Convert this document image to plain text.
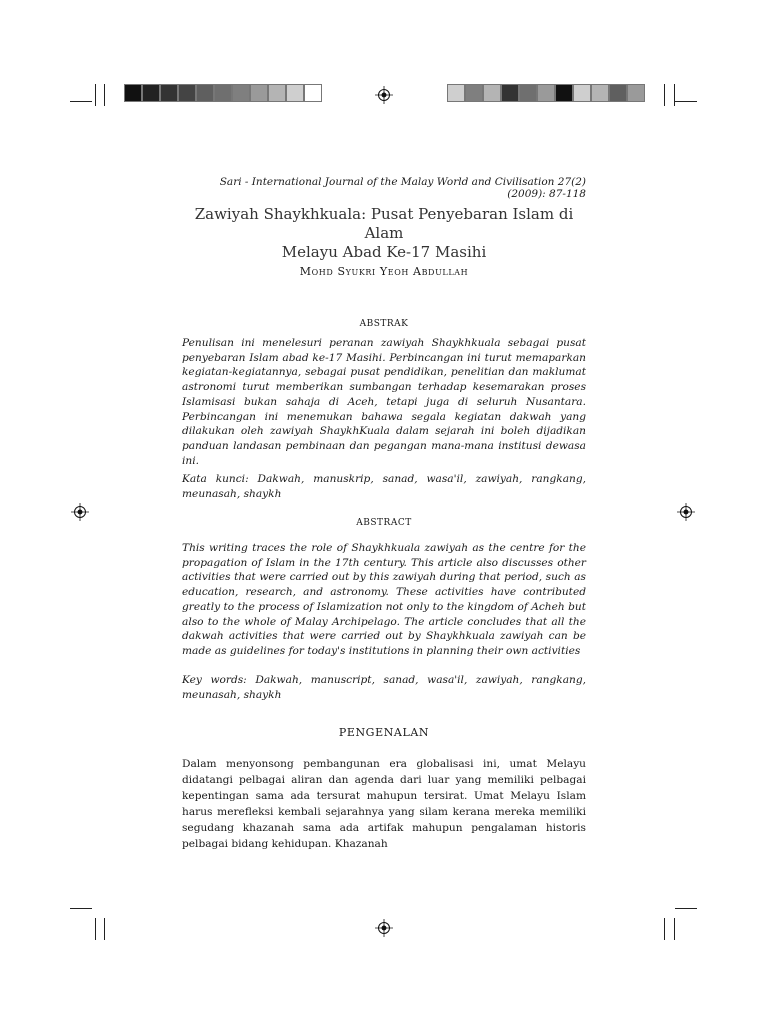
Sari - International Journal of the Malay World and Civilisation 27(2) (2009): 87-118
Zawiyah Shaykhkuala: Pusat Penyebaran Islam di Alam
Melayu Abad Ke-17 Masihi
Mohd Syukri Yeoh Abdullah
ABSTRAK
Penulisan ini menelesuri peranan zawiyah Shaykhkuala sebagai pusat penyebaran Islam abad ke-17 Masihi. Perbincangan ini turut memaparkan kegiatan-kegiatannya, sebagai pusat pendidikan, penelitian dan maklumat astronomi turut memberikan sumbangan terhadap kesemarakan proses Islamisasi bukan sahaja di Aceh, tetapi juga di seluruh Nusantara. Perbincangan ini menemukan bahawa segala kegiatan dakwah yang dilakukan oleh zawiyah ShaykhKuala dalam sejarah ini boleh dijadikan panduan landasan pembinaan dan pegangan mana-mana institusi dewasa ini.
Kata kunci: Dakwah, manuskrip, sanad, wasa'il, zawiyah, rangkang, meunasah, shaykh
ABSTRACT
This writing traces the role of Shaykhkuala zawiyah as the centre for the propagation of Islam in the 17th century. This article also discusses other activities that were carried out by this zawiyah during that period, such as education, research, and astronomy. These activities have contributed greatly to the process of Islamization not only to the kingdom of Acheh but also to the whole of Malay Archipelago. The article concludes that all the dakwah activities that were carried out by Shaykhkuala zawiyah can be made as guidelines for today's institutions in planning their own activities
Key words: Dakwah, manuscript, sanad, wasa'il, zawiyah, rangkang, meunasah, shaykh
PENGENALAN
Dalam menyonsong pembangunan era globalisasi ini, umat Melayu didatangi pelbagai aliran dan agenda dari luar yang memiliki pelbagai kepentingan sama ada tersurat mahupun tersirat. Umat Melayu Islam harus merefleksi kembali sejarahnya yang silam kerana mereka memiliki segudang khazanah sama ada artifak mahupun pengalaman historis pelbagai bidang kehidupan. Khazanah
